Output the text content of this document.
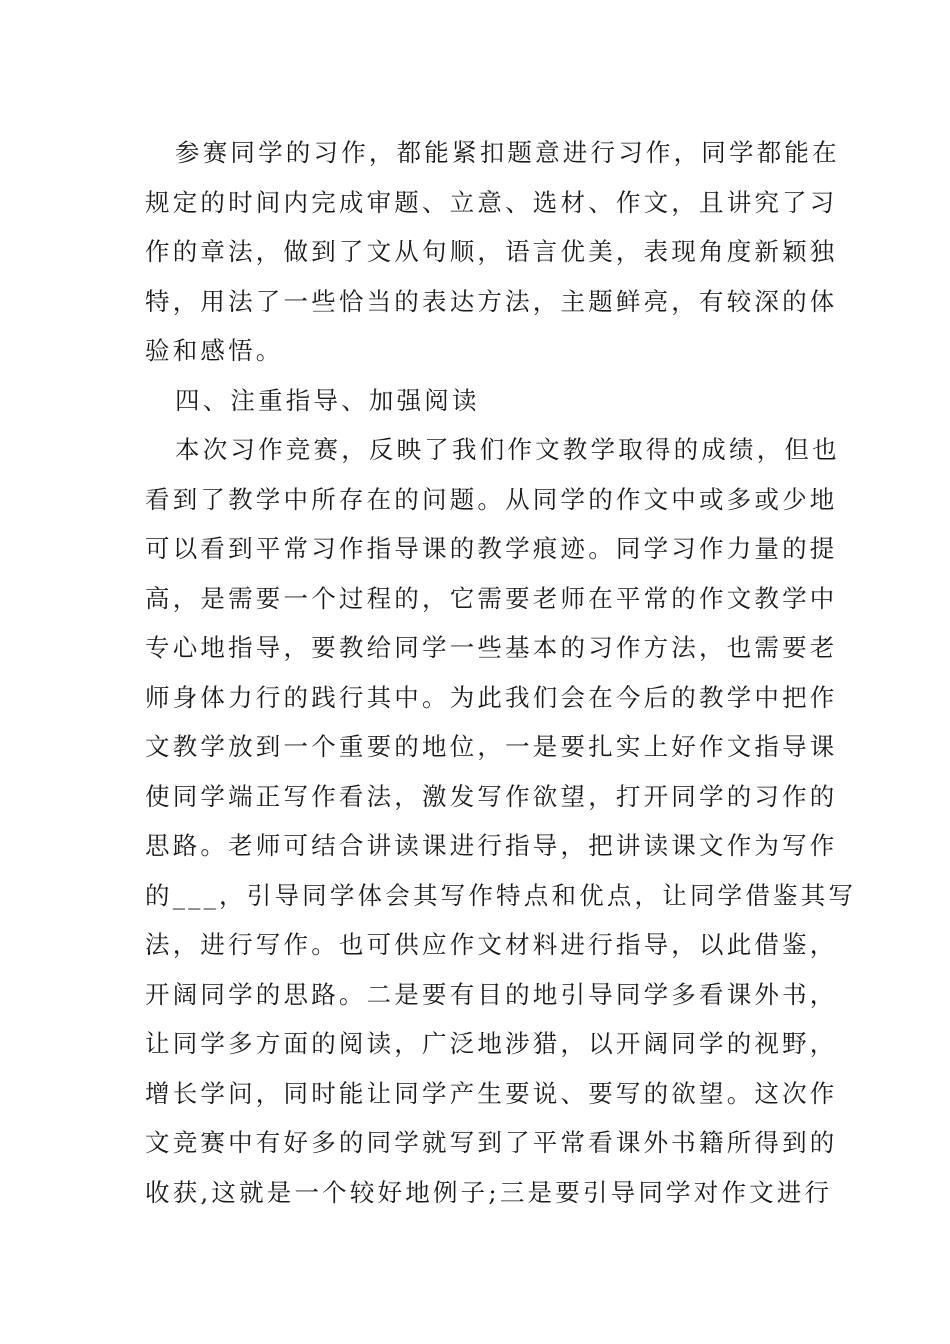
参赛同学的习作，都能紧扣题意进行习作，同学都能在
规定的时间内完成审题、立意、选材、作文，且讲究了习
作的章法，做到了文从句顺，语言优美，表现角度新颖独
特，用法了一些恰当的表达方法，主题鲜亮，有较深的体
验和感悟。
四、注重指导、加强阅读
本次习作竞赛，反映了我们作文教学取得的成绩，但也
看到了教学中所存在的问题。从同学的作文中或多或少地
可以看到平常习作指导课的教学痕迹。同学习作力量的提
高，是需要一个过程的，它需要老师在平常的作文教学中
专心地指导，要教给同学一些基本的习作方法，也需要老
师身体力行的践行其中。为此我们会在今后的教学中把作
文教学放到一个重要的地位，一是要扎实上好作文指导课
使同学端正写作看法，激发写作欲望，打开同学的习作的
思路。老师可结合讲读课进行指导，把讲读课文作为写作
的___，引导同学体会其写作特点和优点，让同学借鉴其写
法，进行写作。也可供应作文材料进行指导，以此借鉴，
开阔同学的思路。二是要有目的地引导同学多看课外书，
让同学多方面的阅读，广泛地涉猎，以开阔同学的视野，
增长学问，同时能让同学产生要说、要写的欲望。这次作
文竞赛中有好多的同学就写到了平常看课外书籍所得到的
收获,这就是一个较好地例子;三是要引导同学对作文进行
